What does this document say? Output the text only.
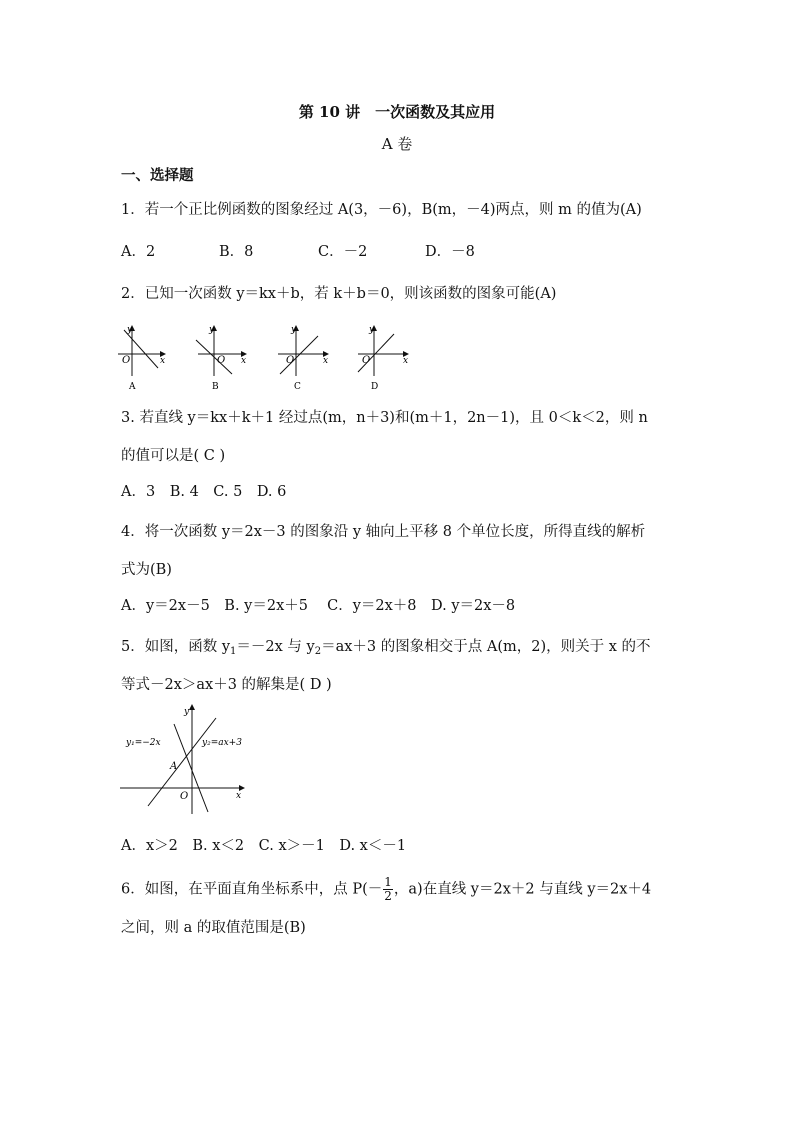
第 10 讲　一次函数及其应用
A 卷
一、选择题
1．若一个正比例函数的图象经过 A(3，－6)，B(m，－4)两点，则 m 的值为(A)
A．2	B．8	C．－2	D．－8
2．已知一次函数 y＝kx＋b，若 k＋b＝0，则该函数的图象可能(A)
y
x
O
A
y
x
O
B
y
x
O
C
y
x
O
D
3. 若直线 y＝kx＋k＋1 经过点(m，n＋3)和(m＋1，2n－1)，且 0＜k＜2，则 n
的值可以是( C )
A．3　B. 4　C. 5　D. 6
4．将一次函数 y＝2x－3 的图象沿 y 轴向上平移 8 个单位长度，所得直线的解析
式为(B)
A．y＝2x－5　B. y＝2x＋5　 C．y＝2x＋8　D. y＝2x－8
5．如图，函数 $y_1=-2x$ 与 $y_2=ax+3$ 的图象相交于点 A(m，2)，则关于 x 的不
等式－2x＞ax＋3 的解集是( D )
y₁=−2x	y₂=ax+3
A
O	x
y
A．x＞2　B. x＜2　C. x＞－1　D. x＜－1
6．如图，在平面直角坐标系中，点 $P(- \frac{1}{2}$ ，a)在直线 y＝2x＋2 与直线 y＝2x＋4
之间，则 a 的取值范围是(B)
